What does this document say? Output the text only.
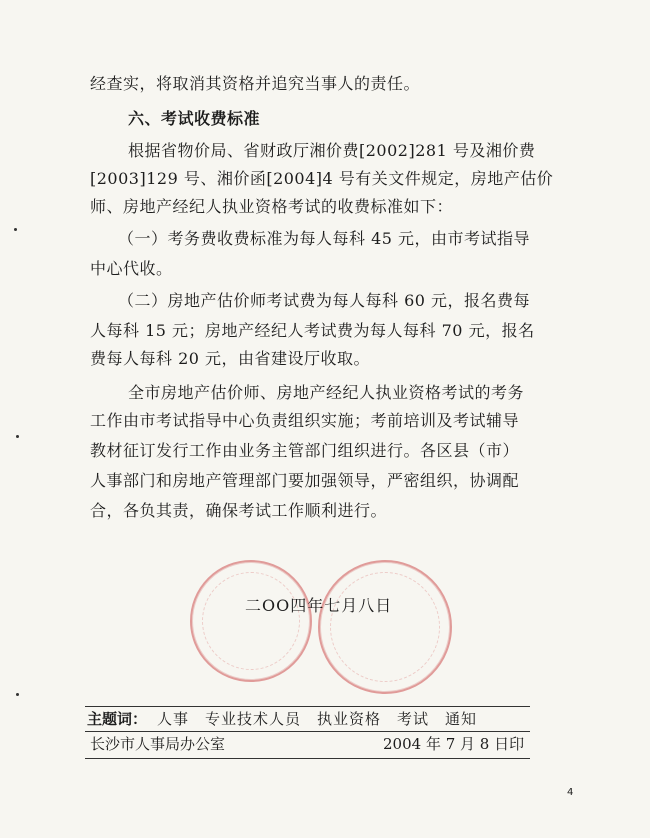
经查实，将取消其资格并追究当事人的责任。
六、考试收费标准
根据省物价局、省财政厅湘价费[2002]281 号及湘价费
[2003]129 号、湘价函[2004]4 号有关文件规定，房地产估价
师、房地产经纪人执业资格考试的收费标准如下：
（一）考务费收费标准为每人每科 45 元，由市考试指导
中心代收。
（二）房地产估价师考试费为每人每科 60 元，报名费每
人每科 15 元；房地产经纪人考试费为每人每科 70 元，报名
费每人每科 20 元，由省建设厅收取。
全市房地产估价师、房地产经纪人执业资格考试的考务
工作由市考试指导中心负责组织实施；考前培训及考试辅导
教材征订发行工作由业务主管部门组织进行。各区县（市）
人事部门和房地产管理部门要加强领导，严密组织，协调配
合，各负其责，确保考试工作顺利进行。
二OO四年七月八日
主题词： 人事　专业技术人员　执业资格　考试　通知
长沙市人事局办公室	2004 年 7 月 8 日印
4
